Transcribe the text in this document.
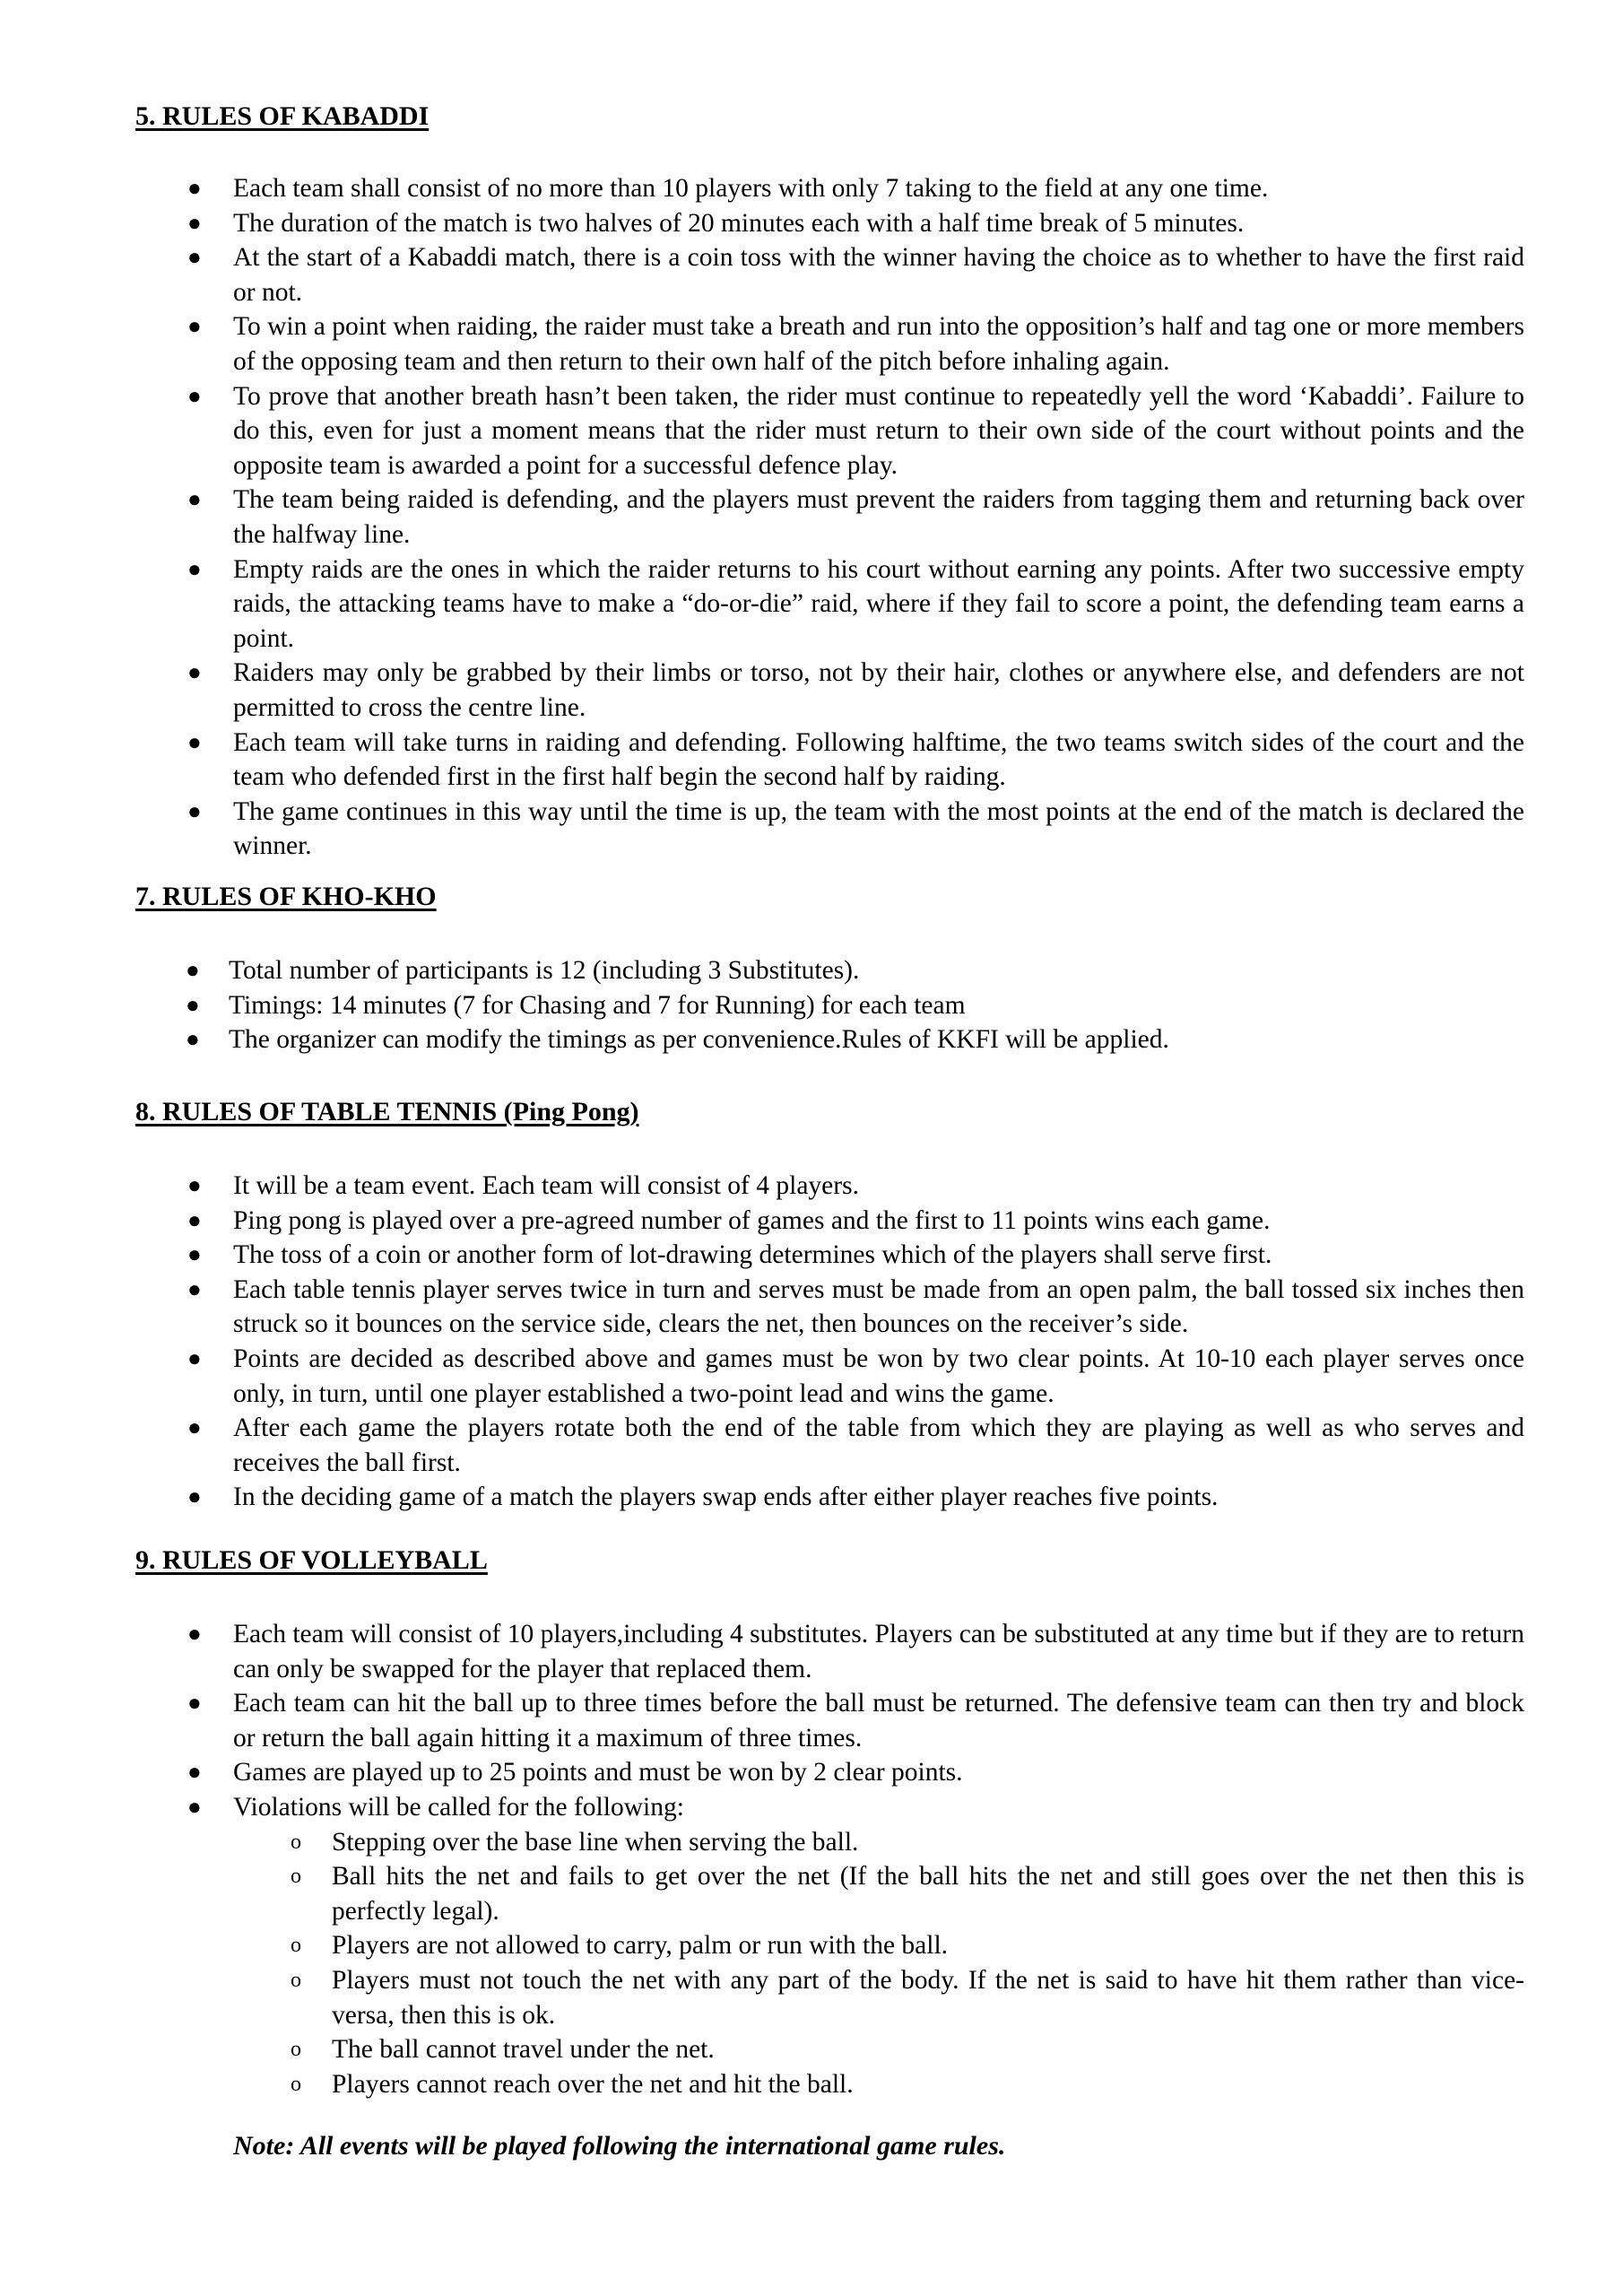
5. RULES OF KABADDI
● Each team shall consist of no more than 10 players with only 7 taking to the field at any one time.
● The duration of the match is two halves of 20 minutes each with a half time break of 5 minutes.
● At the start of a Kabaddi match, there is a coin toss with the winner having the choice as to whether to have the first raid or not.
● To win a point when raiding, the raider must take a breath and run into the opposition’s half and tag one or more members of the opposing team and then return to their own half of the pitch before inhaling again.
● To prove that another breath hasn’t been taken, the rider must continue to repeatedly yell the word ‘Kabaddi’. Failure to do this, even for just a moment means that the rider must return to their own side of the court without points and the opposite team is awarded a point for a successful defence play.
● The team being raided is defending, and the players must prevent the raiders from tagging them and returning back over the halfway line.
● Empty raids are the ones in which the raider returns to his court without earning any points. After two successive empty raids, the attacking teams have to make a “do-or-die” raid, where if they fail to score a point, the defending team earns a point.
● Raiders may only be grabbed by their limbs or torso, not by their hair, clothes or anywhere else, and defenders are not permitted to cross the centre line.
● Each team will take turns in raiding and defending. Following halftime, the two teams switch sides of the court and the team who defended first in the first half begin the second half by raiding.
● The game continues in this way until the time is up, the team with the most points at the end of the match is declared the winner.
7. RULES OF KHO-KHO
● Total number of participants is 12 (including 3 Substitutes).
● Timings: 14 minutes (7 for Chasing and 7 for Running) for each team
● The organizer can modify the timings as per convenience.Rules of KKFI will be applied.
8. RULES OF TABLE TENNIS (Ping Pong)
● It will be a team event. Each team will consist of 4 players.
● Ping pong is played over a pre-agreed number of games and the first to 11 points wins each game.
● The toss of a coin or another form of lot-drawing determines which of the players shall serve first.
● Each table tennis player serves twice in turn and serves must be made from an open palm, the ball tossed six inches then struck so it bounces on the service side, clears the net, then bounces on the receiver’s side.
● Points are decided as described above and games must be won by two clear points. At 10-10 each player serves once only, in turn, until one player established a two-point lead and wins the game.
● After each game the players rotate both the end of the table from which they are playing as well as who serves and receives the ball first.
● In the deciding game of a match the players swap ends after either player reaches five points.
9. RULES OF VOLLEYBALL
● Each team will consist of 10 players,including 4 substitutes. Players can be substituted at any time but if they are to return can only be swapped for the player that replaced them.
● Each team can hit the ball up to three times before the ball must be returned. The defensive team can then try and block or return the ball again hitting it a maximum of three times.
● Games are played up to 25 points and must be won by 2 clear points.
● Violations will be called for the following:
o Stepping over the base line when serving the ball.
o Ball hits the net and fails to get over the net (If the ball hits the net and still goes over the net then this is perfectly legal).
o Players are not allowed to carry, palm or run with the ball.
o Players must not touch the net with any part of the body. If the net is said to have hit them rather than vice-versa, then this is ok.
o The ball cannot travel under the net.
o Players cannot reach over the net and hit the ball.
Note: All events will be played following the international game rules.
